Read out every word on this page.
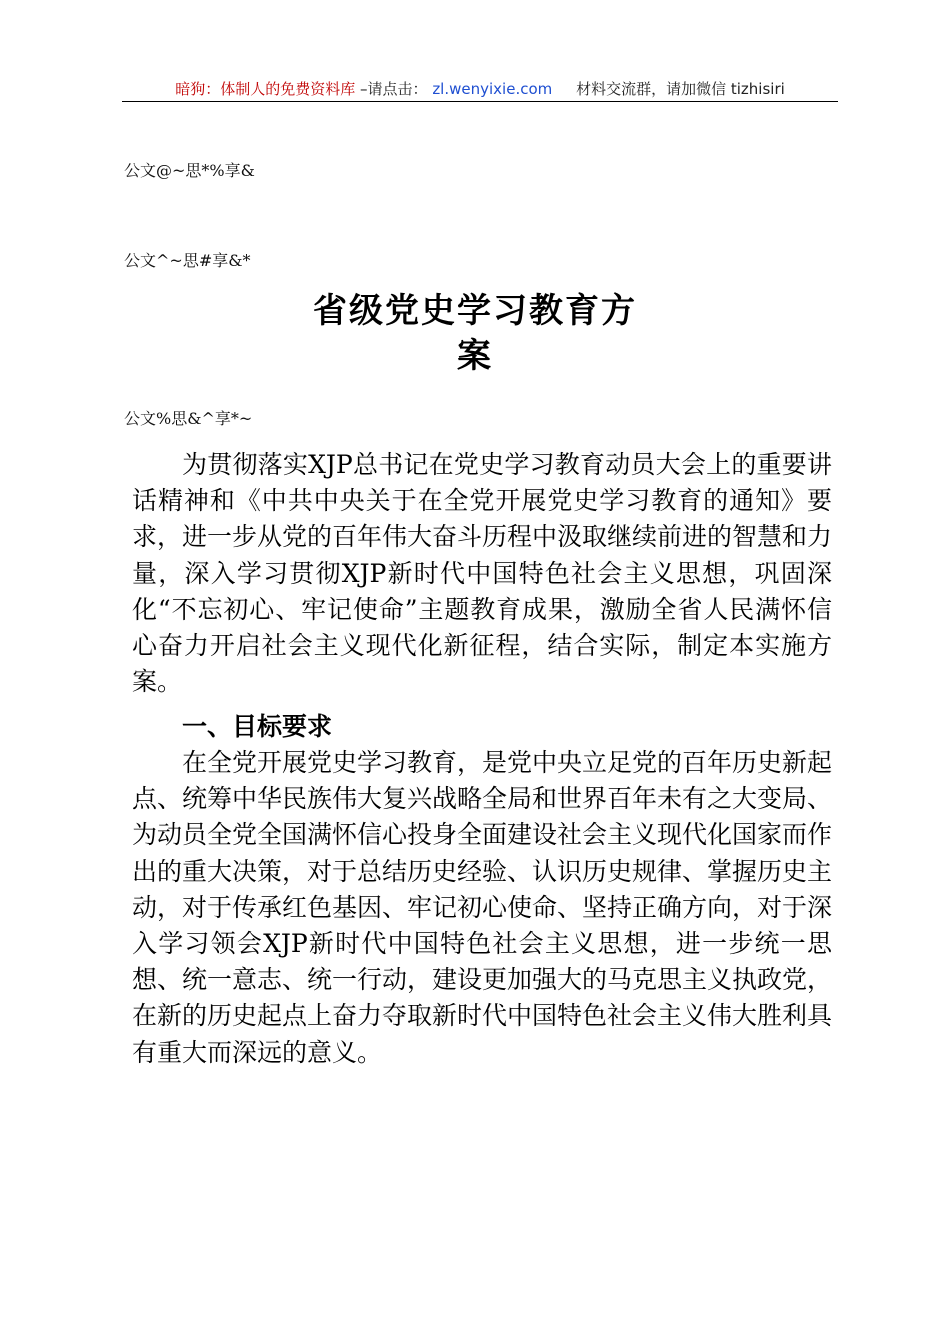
暗狗：体制人的免费资料库 –请点击： zl.wenyixie.com 材料交流群，请加微信 tizhisiri
公文@~思*%享&
公文^~思#享&*
省级党史学习教育方
案
公文%思&^享*~

为贯彻落实XJP总书记在党史学习教育动员大会上的重要讲话精神和《中共中央关于在全党开展党史学习教育的通知》要求，进一步从党的百年伟大奋斗历程中汲取继续前进的智慧和力量，深入学习贯彻XJP新时代中国特色社会主义思想，巩固深化“不忘初心、牢记使命”主题教育成果，激励全省人民满怀信心奋力开启社会主义现代化新征程，结合实际，制定本实施方案。

一、目标要求

在全党开展党史学习教育，是党中央立足党的百年历史新起点、统筹中华民族伟大复兴战略全局和世界百年未有之大变局、为动员全党全国满怀信心投身全面建设社会主义现代化国家而作出的重大决策，对于总结历史经验、认识历史规律、掌握历史主动，对于传承红色基因、牢记初心使命、坚持正确方向，对于深入学习领会XJP新时代中国特色社会主义思想，进一步统一思想、统一意志、统一行动，建设更加强大的马克思主义执政党，在新的历史起点上奋力夺取新时代中国特色社会主义伟大胜利具有重大而深远的意义。
